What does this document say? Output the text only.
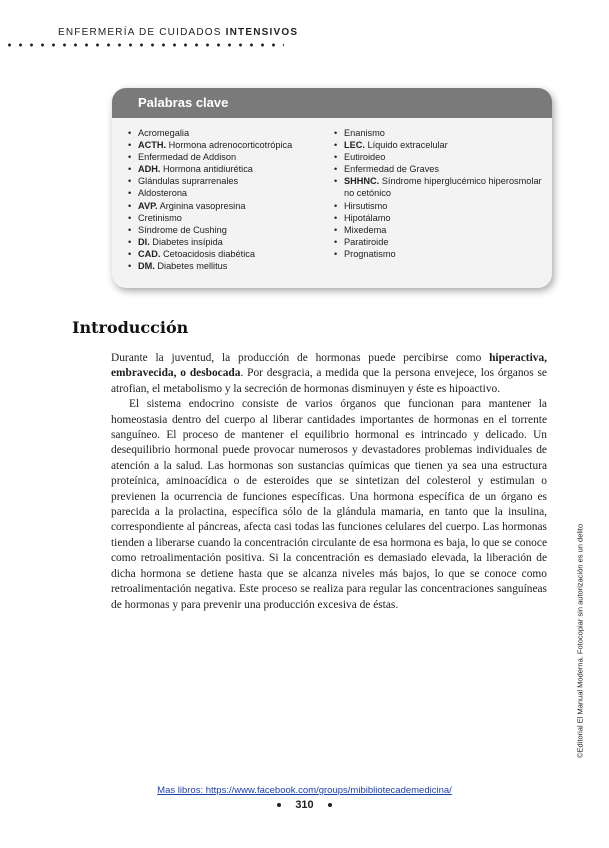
ENFERMERÍA DE CUIDADOS INTENSIVOS
Palabras clave
• Acromegalia
• ACTH. Hormona adrenocorticotrópica
• Enfermedad de Addison
• ADH. Hormona antidiurética
• Glándulas suprarrenales
• Aldosterona
• AVP. Arginina vasopresina
• Cretinismo
• Síndrome de Cushing
• DI. Diabetes insípida
• CAD. Cetoacidosis diabética
• DM. Diabetes mellitus
• Enanismo
• LEC. Líquido extracelular
• Eutiroideo
• Enfermedad de Graves
• SHHNC. Síndrome hiperglucémico hiperosmolar no cetónico
• Hirsutismo
• Hipotálamo
• Mixedema
• Paratiroide
• Prognatismo
Introducción

Durante la juventud, la producción de hormonas puede percibirse como hiperactiva, embravecida, o desbocada. Por desgracia, a medida que la persona envejece, los órganos se atrofian, el metabolismo y la secreción de hormonas disminuyen y éste es hipoactivo.

El sistema endocrino consiste de varios órganos que funcionan para mantener la homeostasia dentro del cuerpo al liberar cantidades importantes de hormonas en el torrente sanguíneo. El proceso de mantener el equilibrio hormonal es intrincado y delicado. Un desequilibrio hormonal puede provocar numerosos y devastadores problemas individuales de atención a la salud. Las hormonas son sustancias químicas que tienen ya sea una estructura proteínica, aminoacídica o de esteroides que se sintetizan del colesterol y estimulan o previenen la ocurrencia de funciones específicas. Una hormona específica de un órgano es parecida a la prolactina, específica sólo de la glándula mamaria, en tanto que la insulina, correspondiente al páncreas, afecta casi todas las funciones celulares del cuerpo. Las hormonas tienden a liberarse cuando la concentración circulante de esa hormona es baja, lo que se conoce como retroalimentación positiva. Si la concentración es demasiado elevada, la liberación de dicha hormona se detiene hasta que se alcanza niveles más bajos, lo que se conoce como retroalimentación negativa. Este proceso se realiza para regular las concentraciones sanguíneas de hormonas y para prevenir una producción excesiva de éstas.	©Editorial El Manual Moderna. Fotocopiar sin autorización es un delito
Mas libros: https://www.facebook.com/groups/mibibliotecademedicina/
310
